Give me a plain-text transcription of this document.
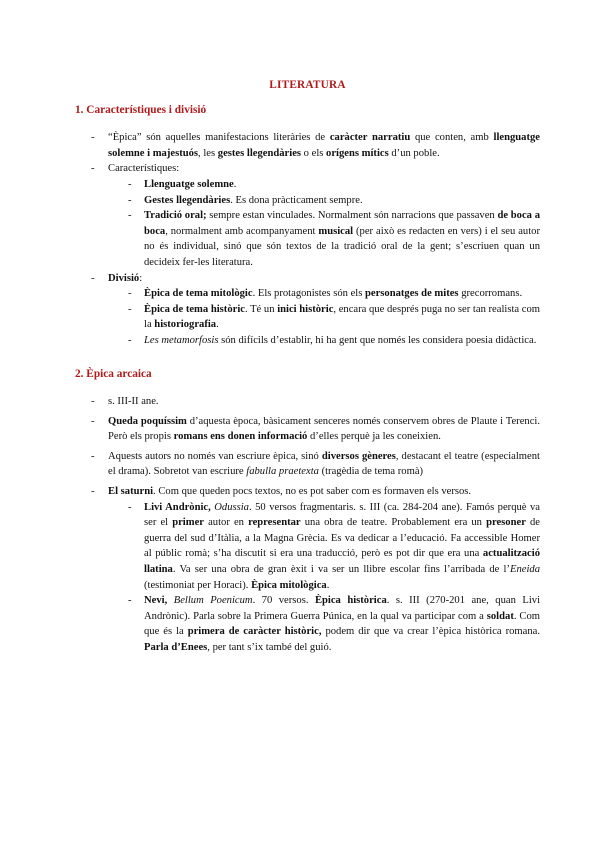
LITERATURA
1. Característiques i divisió
- “Èpica” són aquelles manifestacions literàries de caràcter narratiu que conten, amb llenguatge solemne i majestuós, les gestes llegendàries o els orígens mítics d’un poble.
- Característiques:
- Llenguatge solemne.
- Gestes llegendàries. Es dona pràcticament sempre.
- Tradició oral; sempre estan vinculades. Normalment són narracions que passaven de boca a boca, normalment amb acompanyament musical (per això es redacten en vers) i el seu autor no és individual, sinó que són textos de la tradició oral de la gent; s’escriuen quan un decideix fer-les literatura.
- Divisió:
- Èpica de tema mitològic. Els protagonistes són els personatges de mites grecorromans.
- Èpica de tema històric. Té un inici històric, encara que després puga no ser tan realista com la historiografia.
- Les metamorfosis són difícils d’establir, hi ha gent que només les considera poesia didàctica.
2. Èpica arcaica
- s. III-II ane.
- Queda poquíssim d’aquesta època, bàsicament senceres només conservem obres de Plaute i Terenci. Però els propis romans ens donen informació d’elles perquè ja les coneixien.
- Aquests autors no només van escriure èpica, sinó diversos gèneres, destacant el teatre (especialment el drama). Sobretot van escriure fabulla praetexta (tragèdia de tema romà)
- El saturni. Com que queden pocs textos, no es pot saber com es formaven els versos.
- Livi Andrònic, Odussia. 50 versos fragmentaris. s. III (ca. 284-204 ane). Famós perquè va ser el primer autor en representar una obra de teatre. Probablement era un presoner de guerra del sud d’Itàlia, a la Magna Grècia. Es va dedicar a l’educació. Fa accessible Homer al públic romà; s’ha discutit si era una traducció, però es pot dir que era una actualització llatina. Va ser una obra de gran èxit i va ser un llibre escolar fins l’arribada de l’Eneida (testimoniat per Horaci). Èpica mitològica.
- Nevi, Bellum Poenicum. 70 versos. Èpica històrica. s. III (270-201 ane, quan Livi Andrònic). Parla sobre la Primera Guerra Púnica, en la qual va participar com a soldat. Com que és la primera de caràcter històric, podem dir que va crear l’èpica històrica romana. Parla d’Enees, per tant s’ix també del guió.
